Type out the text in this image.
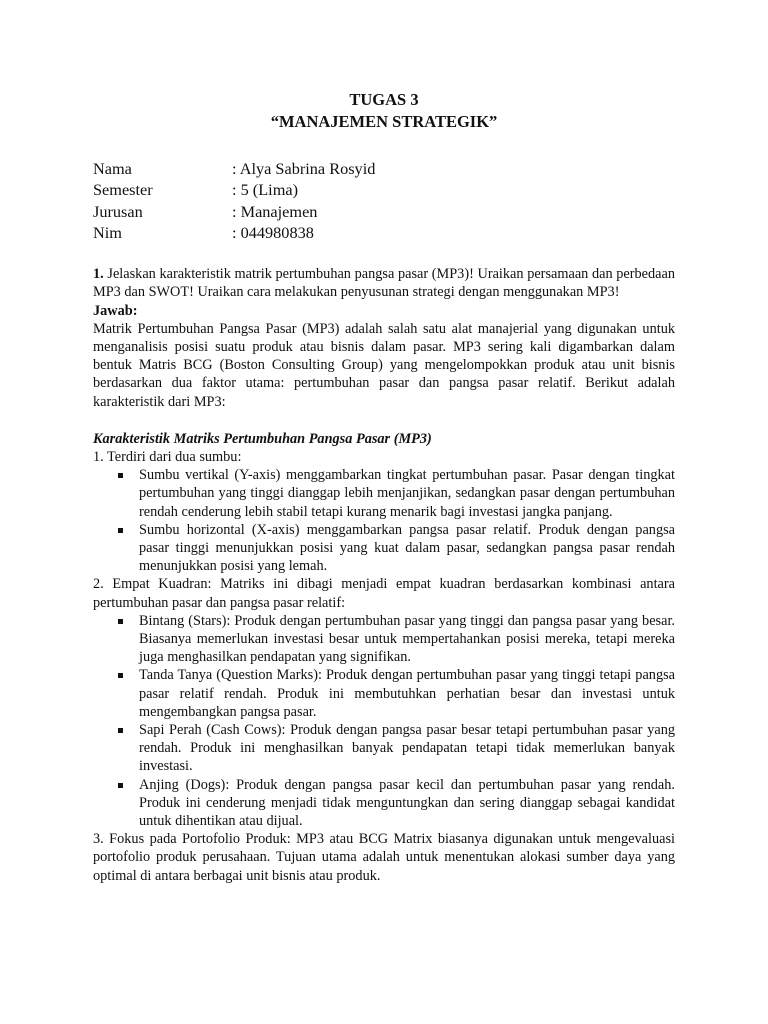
TUGAS 3
“MANAJEMEN STRATEGIK”
Nama	: Alya Sabrina Rosyid
Semester	: 5 (Lima)
Jurusan	: Manajemen
Nim	: 044980838
1. Jelaskan karakteristik matrik pertumbuhan pangsa pasar (MP3)! Uraikan persamaan dan perbedaan MP3 dan SWOT! Uraikan cara melakukan penyusunan strategi dengan menggunakan MP3!
Jawab:
Matrik Pertumbuhan Pangsa Pasar (MP3) adalah salah satu alat manajerial yang digunakan untuk menganalisis posisi suatu produk atau bisnis dalam pasar. MP3 sering kali digambarkan dalam bentuk Matris BCG (Boston Consulting Group) yang mengelompokkan produk atau unit bisnis berdasarkan dua faktor utama: pertumbuhan pasar dan pangsa pasar relatif. Berikut adalah karakteristik dari MP3:
Karakteristik Matriks Pertumbuhan Pangsa Pasar (MP3)
1. Terdiri dari dua sumbu:
Sumbu vertikal (Y-axis) menggambarkan tingkat pertumbuhan pasar. Pasar dengan tingkat pertumbuhan yang tinggi dianggap lebih menjanjikan, sedangkan pasar dengan pertumbuhan rendah cenderung lebih stabil tetapi kurang menarik bagi investasi jangka panjang.
Sumbu horizontal (X-axis) menggambarkan pangsa pasar relatif. Produk dengan pangsa pasar tinggi menunjukkan posisi yang kuat dalam pasar, sedangkan pangsa pasar rendah menunjukkan posisi yang lemah.
2. Empat Kuadran: Matriks ini dibagi menjadi empat kuadran berdasarkan kombinasi antara pertumbuhan pasar dan pangsa pasar relatif:
Bintang (Stars): Produk dengan pertumbuhan pasar yang tinggi dan pangsa pasar yang besar. Biasanya memerlukan investasi besar untuk mempertahankan posisi mereka, tetapi mereka juga menghasilkan pendapatan yang signifikan.
Tanda Tanya (Question Marks): Produk dengan pertumbuhan pasar yang tinggi tetapi pangsa pasar relatif rendah. Produk ini membutuhkan perhatian besar dan investasi untuk mengembangkan pangsa pasar.
Sapi Perah (Cash Cows): Produk dengan pangsa pasar besar tetapi pertumbuhan pasar yang rendah. Produk ini menghasilkan banyak pendapatan tetapi tidak memerlukan banyak investasi.
Anjing (Dogs): Produk dengan pangsa pasar kecil dan pertumbuhan pasar yang rendah. Produk ini cenderung menjadi tidak menguntungkan dan sering dianggap sebagai kandidat untuk dihentikan atau dijual.
3. Fokus pada Portofolio Produk: MP3 atau BCG Matrix biasanya digunakan untuk mengevaluasi portofolio produk perusahaan. Tujuan utama adalah untuk menentukan alokasi sumber daya yang optimal di antara berbagai unit bisnis atau produk.
